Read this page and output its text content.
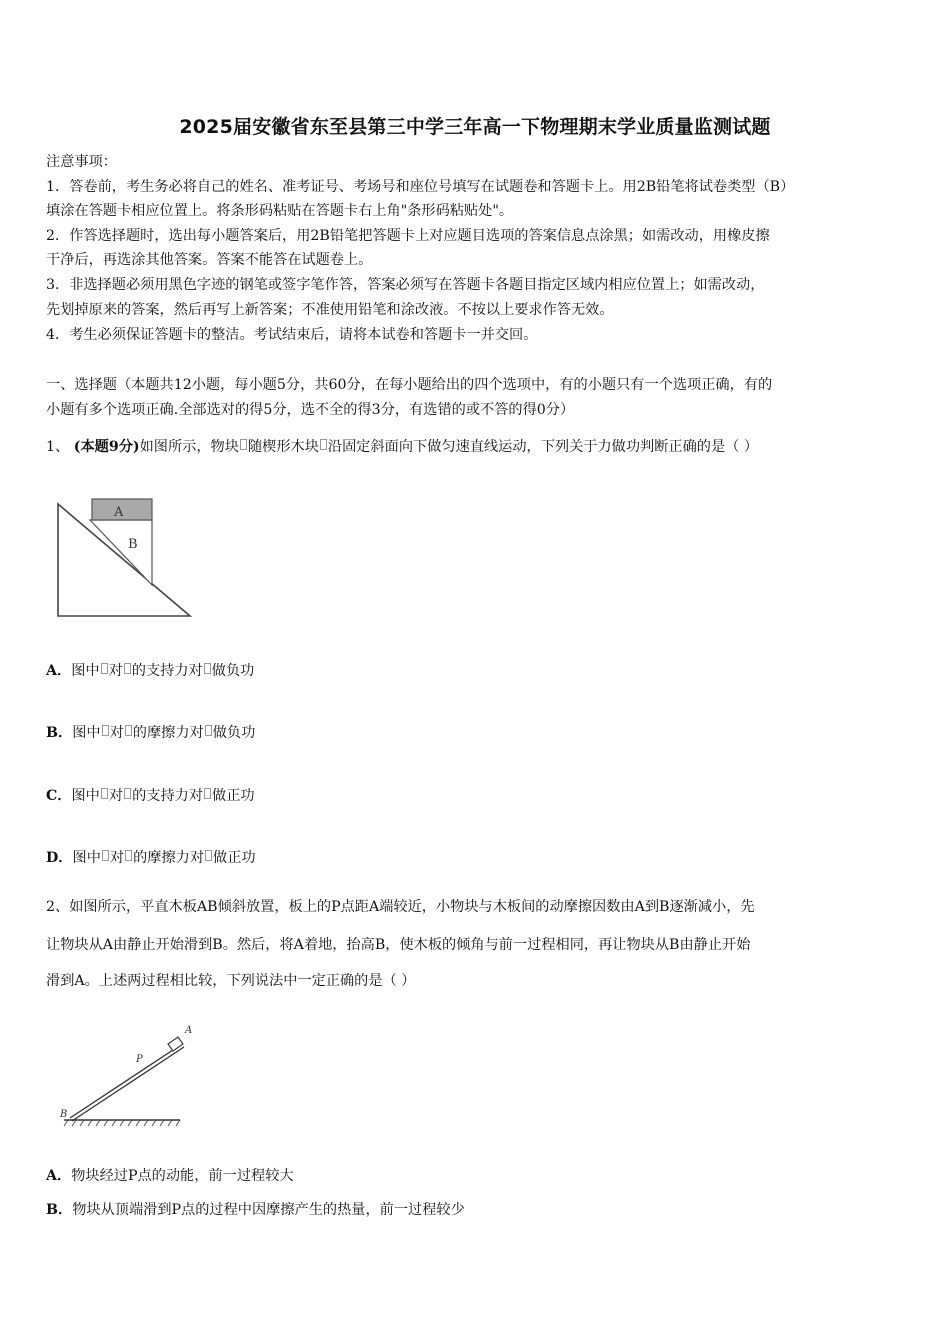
2025届安徽省东至县第三中学三年高一下物理期末学业质量监测试题
注意事项：
1．答卷前，考生务必将自己的姓名、准考证号、考场号和座位号填写在试题卷和答题卡上。用2B铅笔将试卷类型（B）
填涂在答题卡相应位置上。将条形码粘贴在答题卡右上角"条形码粘贴处"。
2．作答选择题时，选出每小题答案后，用2B铅笔把答题卡上对应题目选项的答案信息点涂黑；如需改动，用橡皮擦
干净后，再选涂其他答案。答案不能答在试题卷上。
3．非选择题必须用黑色字迹的钢笔或签字笔作答，答案必须写在答题卡各题目指定区域内相应位置上；如需改动，
先划掉原来的答案，然后再写上新答案；不准使用铅笔和涂改液。不按以上要求作答无效。
4．考生必须保证答题卡的整洁。考试结束后，请将本试卷和答题卡一并交回。
一、选择题（本题共12小题，每小题5分，共60分，在每小题给出的四个选项中，有的小题只有一个选项正确，有的
小题有多个选项正确.全部选对的得5分，选不全的得3分，有选错的或不答的得0分）
1、 (本题9分)如图所示，物块 随楔形木块 沿固定斜面向下做匀速直线运动，下列关于力做功判断正确的是（ ）
A
B
A．图中 对 的支持力对 做负功
B．图中 对 的摩擦力对 做负功
C．图中 对 的支持力对 做正功
D．图中 对 的摩擦力对 做正功
2、如图所示，平直木板AB倾斜放置，板上的P点距A端较近，小物块与木板间的动摩擦因数由A到B逐渐减小，先
让物块从A由静止开始滑到B。然后，将A着地，抬高B，使木板的倾角与前一过程相同，再让物块从B由静止开始
滑到A。上述两过程相比较，下列说法中一定正确的是（ ）
A
P
B
A．物块经过P点的动能，前一过程较大
B．物块从顶端滑到P点的过程中因摩擦产生的热量，前一过程较少
